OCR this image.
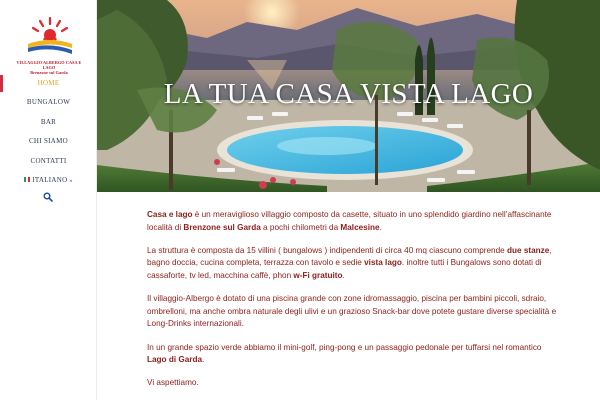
VILLAGGIO ALBERGO CASA E LAGO
Brenzone sul Garda
HOME
BUNGALOW
BAR
CHI SIAMO
CONTATTI
ITALIANO »
LA TUA CASA VISTA LAGO

Casa e lago è un meraviglioso villaggio composto da casette, situato in uno splendido giardino nell’affascinante località di Brenzone sul Garda a pochi chilometri da Malcesine.

La struttura è composta da 15 villini ( bungalows ) indipendenti di circa 40 mq ciascuno comprende due stanze, bagno doccia, cucina completa, terrazza con tavolo e sedie vista lago. inoltre tutti i Bungalows sono dotati di cassaforte, tv led, macchina caffè, phon w-Fi gratuito.

Il villaggio-Albergo è dotato di una piscina grande con zone idromassaggio, piscina per bambini piccoli, sdraio, ombrelloni, ma anche ombra naturale degli ulivi e un grazioso Snack-bar dove potete gustare diverse specialità e Long-Drinks internazionali.

In un grande spazio verde abbiamo il mini-golf, ping-pong e un passaggio pedonale per tuffarsi nel romantico Lago di Garda.

Vi aspettiamo.
